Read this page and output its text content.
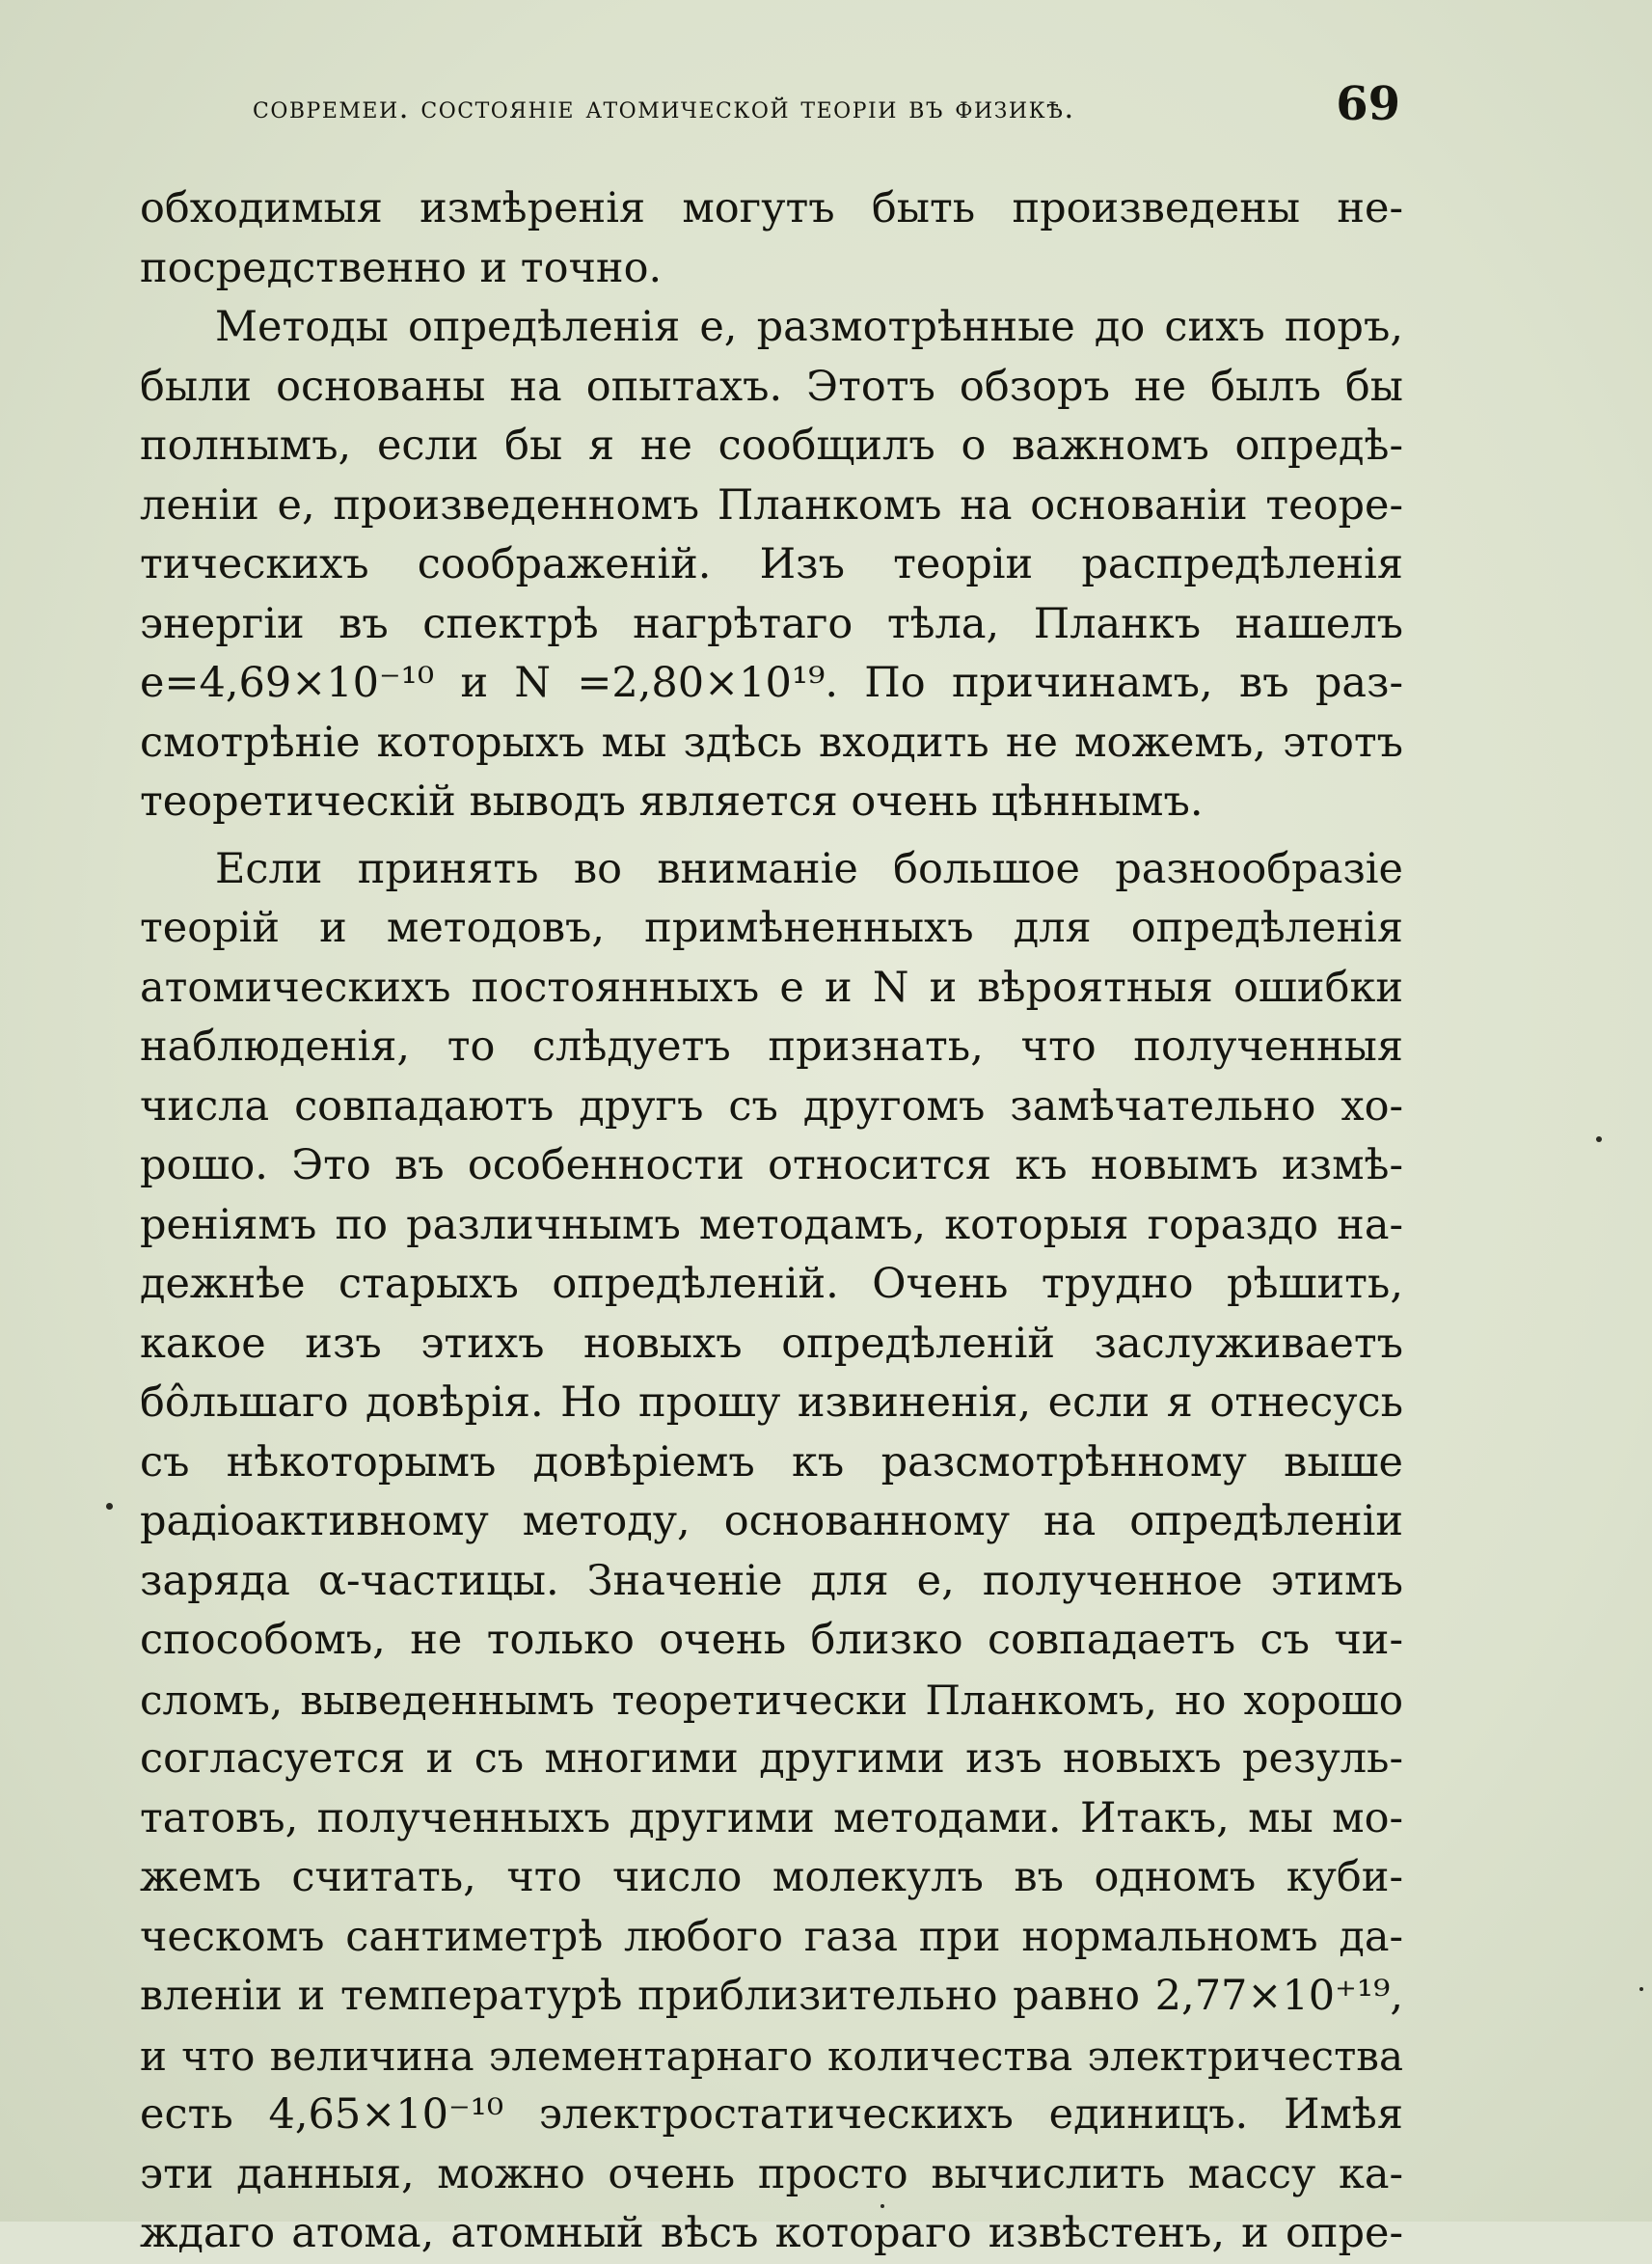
совремеи. состояніе атомической теоріи въ физикѣ.	69
обходимыя измѣренія могутъ быть произведены не-
посредственно и точно.
Методы опредѣленія e, размотрѣнные до сихъ поръ,
были основаны на опытахъ. Этотъ обзоръ не былъ бы
полнымъ, если бы я не сообщилъ о важномъ опредѣ-
леніи e, произведенномъ Планкомъ на основаніи теоре-
тическихъ соображеній. Изъ теоріи распредѣленія
энергіи въ спектрѣ нагрѣтаго тѣла, Планкъ нашелъ
e=4,69×10⁻¹⁰ и N =2,80×10¹⁹. По причинамъ, въ раз-
смотрѣніе которыхъ мы здѣсь входить не можемъ, этотъ
теоретическій выводъ является очень цѣннымъ.
Если принять во вниманіе большое разнообразіе
теорій и методовъ, примѣненныхъ для опредѣленія
атомическихъ постоянныхъ e и N и вѣроятныя ошибки
наблюденія, то слѣдуетъ признать, что полученныя
числа совпадаютъ другъ съ другомъ замѣчательно хо-
рошо. Это въ особенности относится къ новымъ измѣ-
реніямъ по различнымъ методамъ, которыя гораздо на-
дежнѣе старыхъ опредѣленій. Очень трудно рѣшить,
какое изъ этихъ новыхъ опредѣленій заслуживаетъ
бо̂льшаго довѣрія. Но прошу извиненія, если я отнесусь
съ нѣкоторымъ довѣріемъ къ разсмотрѣнному выше
радіоактивному методу, основанному на опредѣленіи
заряда α-частицы. Значеніе для e, полученное этимъ
способомъ, не только очень близко совпадаетъ съ чи-
сломъ, выведеннымъ теоретически Планкомъ, но хорошо
согласуется и съ многими другими изъ новыхъ резуль-
татовъ, полученныхъ другими методами. Итакъ, мы мо-
жемъ считать, что число молекулъ въ одномъ куби-
ческомъ сантиметрѣ любого газа при нормальномъ да-
вленіи и температурѣ приблизительно равно 2,77×10⁺¹⁹,
и что величина элементарнаго количества электричества
есть 4,65×10⁻¹⁰ электростатическихъ единицъ. Имѣя
эти данныя, можно очень просто вычислить массу ка-
ждаго атома, атомный вѣсъ котораго извѣстенъ, и опре-
